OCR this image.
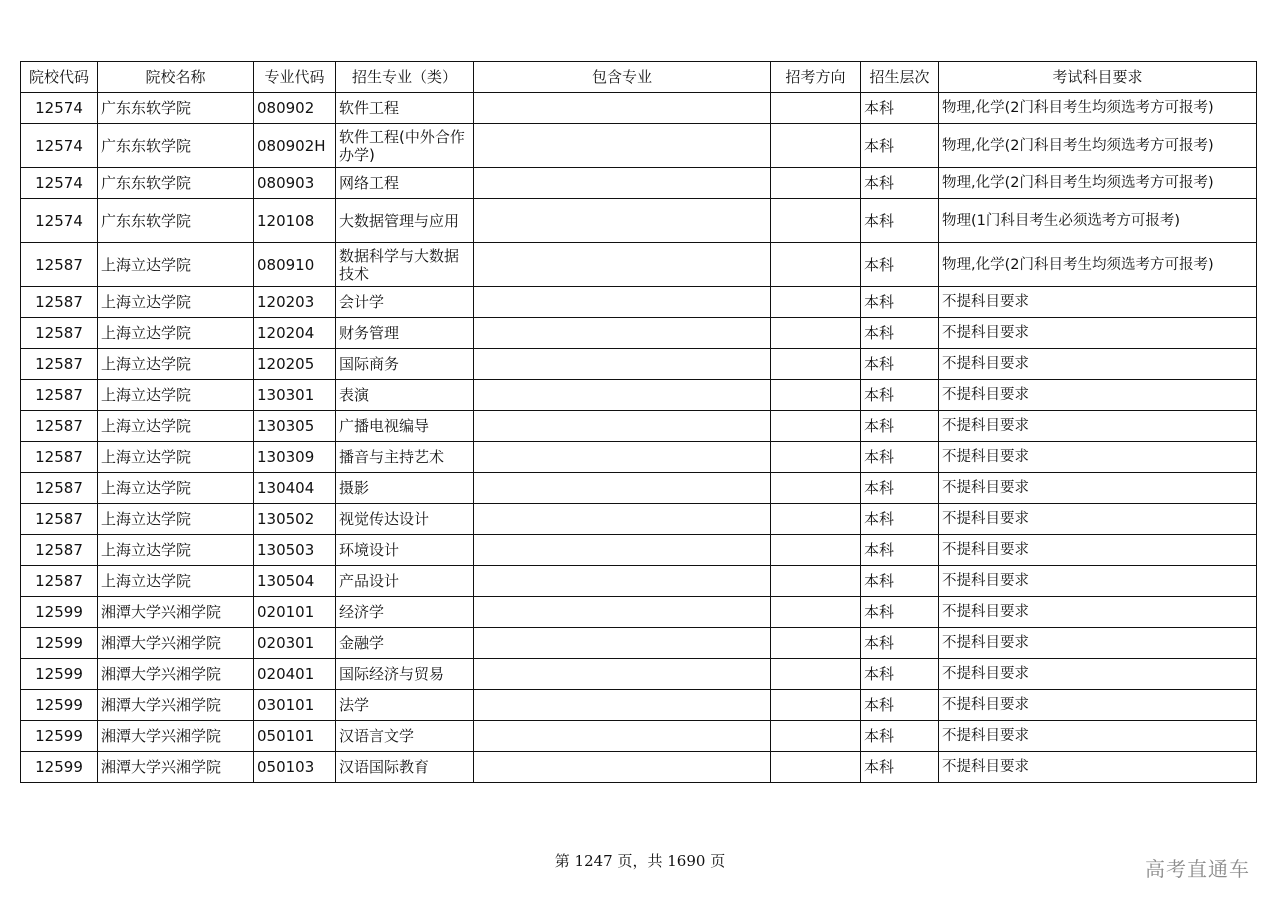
院校代码	院校名称	专业代码	招生专业（类）	包含专业	招考方向	招生层次	考试科目要求
12574	广东东软学院	080902	软件工程			本科	物理,化学(2门科目考生均须选考方可报考)
12574	广东东软学院	080902H	软件工程(中外合作办学)			本科	物理,化学(2门科目考生均须选考方可报考)
12574	广东东软学院	080903	网络工程			本科	物理,化学(2门科目考生均须选考方可报考)
12574	广东东软学院	120108	大数据管理与应用			本科	物理(1门科目考生必须选考方可报考)
12587	上海立达学院	080910	数据科学与大数据技术			本科	物理,化学(2门科目考生均须选考方可报考)
12587	上海立达学院	120203	会计学			本科	不提科目要求
12587	上海立达学院	120204	财务管理			本科	不提科目要求
12587	上海立达学院	120205	国际商务			本科	不提科目要求
12587	上海立达学院	130301	表演			本科	不提科目要求
12587	上海立达学院	130305	广播电视编导			本科	不提科目要求
12587	上海立达学院	130309	播音与主持艺术			本科	不提科目要求
12587	上海立达学院	130404	摄影			本科	不提科目要求
12587	上海立达学院	130502	视觉传达设计			本科	不提科目要求
12587	上海立达学院	130503	环境设计			本科	不提科目要求
12587	上海立达学院	130504	产品设计			本科	不提科目要求
12599	湘潭大学兴湘学院	020101	经济学			本科	不提科目要求
12599	湘潭大学兴湘学院	020301	金融学			本科	不提科目要求
12599	湘潭大学兴湘学院	020401	国际经济与贸易			本科	不提科目要求
12599	湘潭大学兴湘学院	030101	法学			本科	不提科目要求
12599	湘潭大学兴湘学院	050101	汉语言文学			本科	不提科目要求
12599	湘潭大学兴湘学院	050103	汉语国际教育			本科	不提科目要求
第 1247 页，共 1690 页	高考直通车
